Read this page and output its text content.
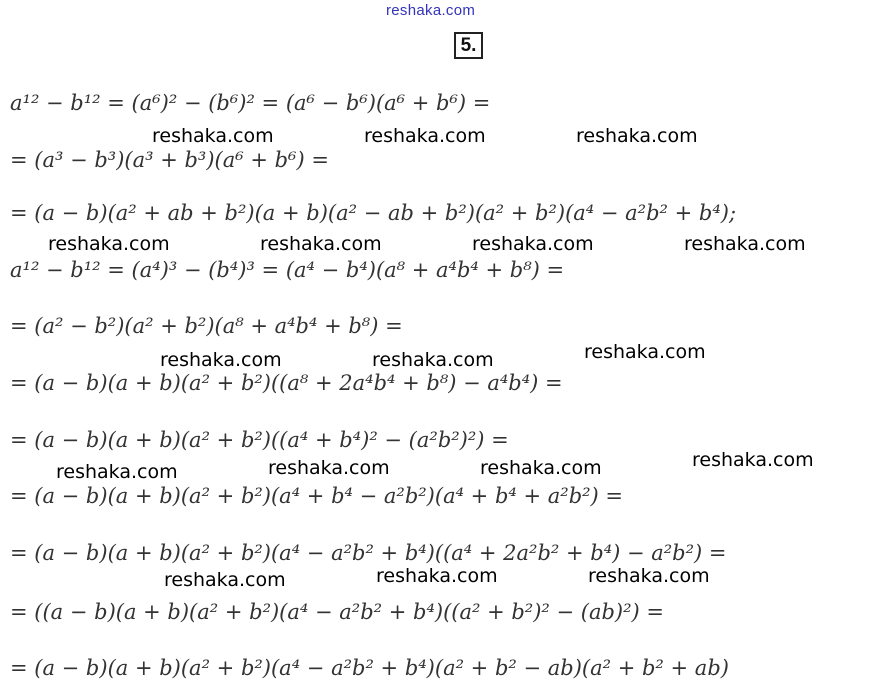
reshaka.com
5.
a¹² − b¹² = (a⁶)² − (b⁶)² = (a⁶ − b⁶)(a⁶ + b⁶) =
= (a³ − b³)(a³ + b³)(a⁶ + b⁶) =
= (a − b)(a² + ab + b²)(a + b)(a² − ab + b²)(a² + b²)(a⁴ − a²b² + b⁴);
a¹² − b¹² = (a⁴)³ − (b⁴)³ = (a⁴ − b⁴)(a⁸ + a⁴b⁴ + b⁸) =
= (a² − b²)(a² + b²)(a⁸ + a⁴b⁴ + b⁸) =
= (a − b)(a + b)(a² + b²)((a⁸ + 2a⁴b⁴ + b⁸) − a⁴b⁴) =
= (a − b)(a + b)(a² + b²)((a⁴ + b⁴)² − (a²b²)²) =
= (a − b)(a + b)(a² + b²)(a⁴ + b⁴ − a²b²)(a⁴ + b⁴ + a²b²) =
= (a − b)(a + b)(a² + b²)(a⁴ − a²b² + b⁴)((a⁴ + 2a²b² + b⁴) − a²b²) =
= ((a − b)(a + b)(a² + b²)(a⁴ − a²b² + b⁴)((a² + b²)² − (ab)²) =
= (a − b)(a + b)(a² + b²)(a⁴ − a²b² + b⁴)(a² + b² − ab)(a² + b² + ab)
reshaka.com	reshaka.com	reshaka.com
reshaka.com	reshaka.com	reshaka.com	reshaka.com
reshaka.com	reshaka.com	reshaka.com
reshaka.com	reshaka.com	reshaka.com	reshaka.com
reshaka.com	reshaka.com	reshaka.com
